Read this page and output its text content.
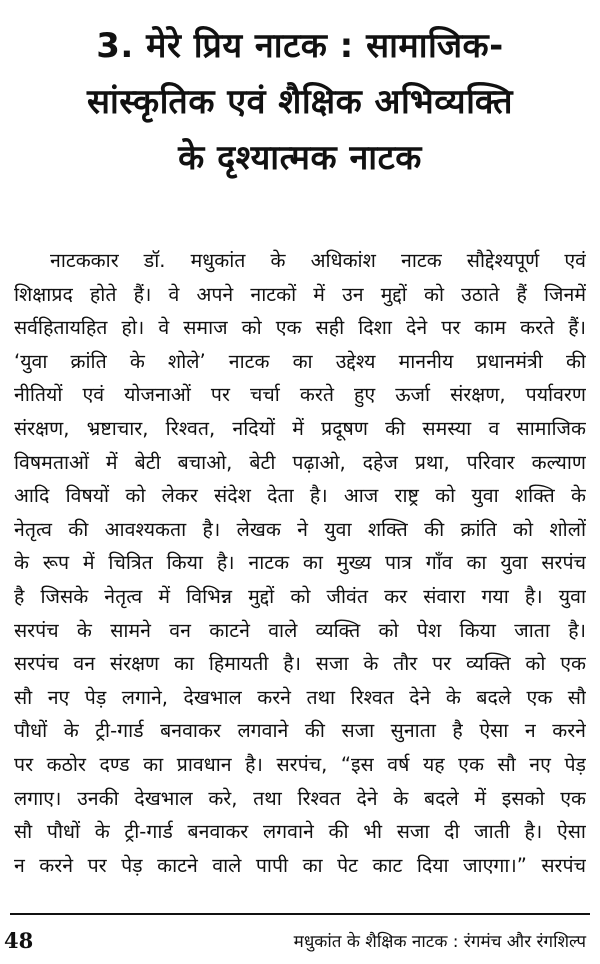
3. मेरे प्रिय नाटक : सामाजिक-
सांस्कृतिक एवं शैक्षिक अभिव्यक्ति
के दृश्यात्मक नाटक
नाटककार डॉ. मधुकांत के अधिकांश नाटक सौद्देश्यपूर्ण एवं
शिक्षाप्रद होते हैं। वे अपने नाटकों में उन मुद्दों को उठाते हैं जिनमें
सर्वहितायहित हो। वे समाज को एक सही दिशा देने पर काम करते हैं।
‘युवा क्रांति के शोले’ नाटक का उद्देश्य माननीय प्रधानमंत्री की
नीतियों एवं योजनाओं पर चर्चा करते हुए ऊर्जा संरक्षण, पर्यावरण
संरक्षण, भ्रष्टाचार, रिश्वत, नदियों में प्रदूषण की समस्या व सामाजिक
विषमताओं में बेटी बचाओ, बेटी पढ़ाओ, दहेज प्रथा, परिवार कल्याण
आदि विषयों को लेकर संदेश देता है। आज राष्ट्र को युवा शक्ति के
नेतृत्व की आवश्यकता है। लेखक ने युवा शक्ति की क्रांति को शोलों
के रूप में चित्रित किया है। नाटक का मुख्य पात्र गाँव का युवा सरपंच
है जिसके नेतृत्व में विभिन्न मुद्दों को जीवंत कर संवारा गया है। युवा
सरपंच के सामने वन काटने वाले व्यक्ति को पेश किया जाता है।
सरपंच वन संरक्षण का हिमायती है। सजा के तौर पर व्यक्ति को एक
सौ नए पेड़ लगाने, देखभाल करने तथा रिश्वत देने के बदले एक सौ
पौधों के ट्री-गार्ड बनवाकर लगवाने की सजा सुनाता है ऐसा न करने
पर कठोर दण्ड का प्रावधान है। सरपंच, “इस वर्ष यह एक सौ नए पेड़
लगाए। उनकी देखभाल करे, तथा रिश्वत देने के बदले में इसको एक
सौ पौधों के ट्री-गार्ड बनवाकर लगवाने की भी सजा दी जाती है। ऐसा
न करने पर पेड़ काटने वाले पापी का पेट काट दिया जाएगा।” सरपंच
48	मधुकांत के शैक्षिक नाटक : रंगमंच और रंगशिल्प
